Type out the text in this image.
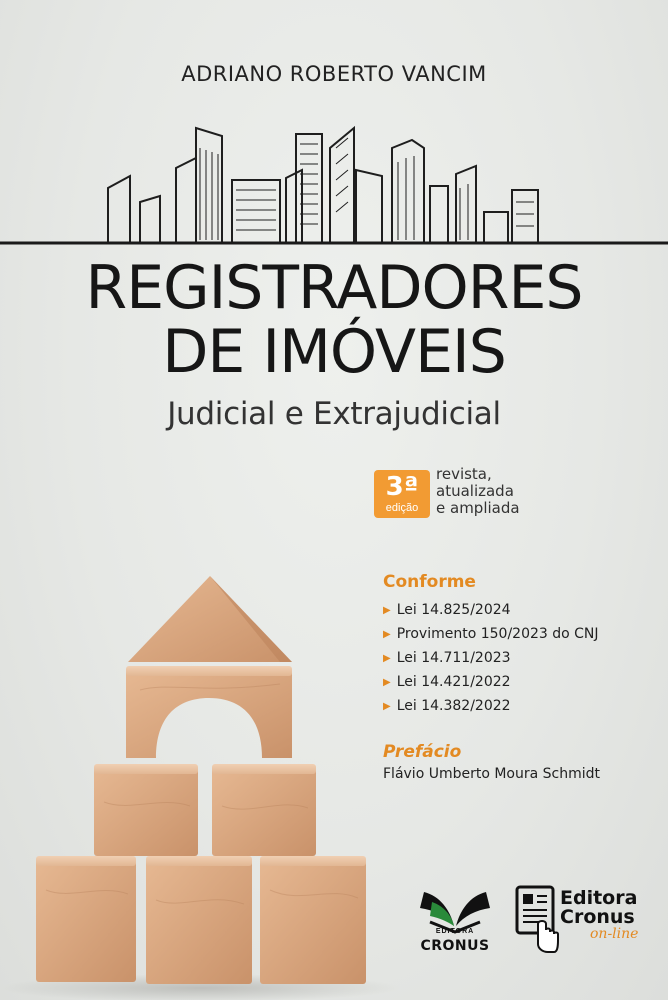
ADRIANO ROBERTO VANCIM
REGISTRADORES
DE IMÓVEIS
Judicial e Extrajudicial
3ª
edição
revista,
atualizada
e ampliada
Conforme
▶ Lei 14.825/2024
▶ Provimento 150/2023 do CNJ
▶ Lei 14.711/2023
▶ Lei 14.421/2022
▶ Lei 14.382/2022
Prefácio
Flávio Umberto Moura Schmidt
EDITORA
CRONUS
Editora
Cronus
on-line
